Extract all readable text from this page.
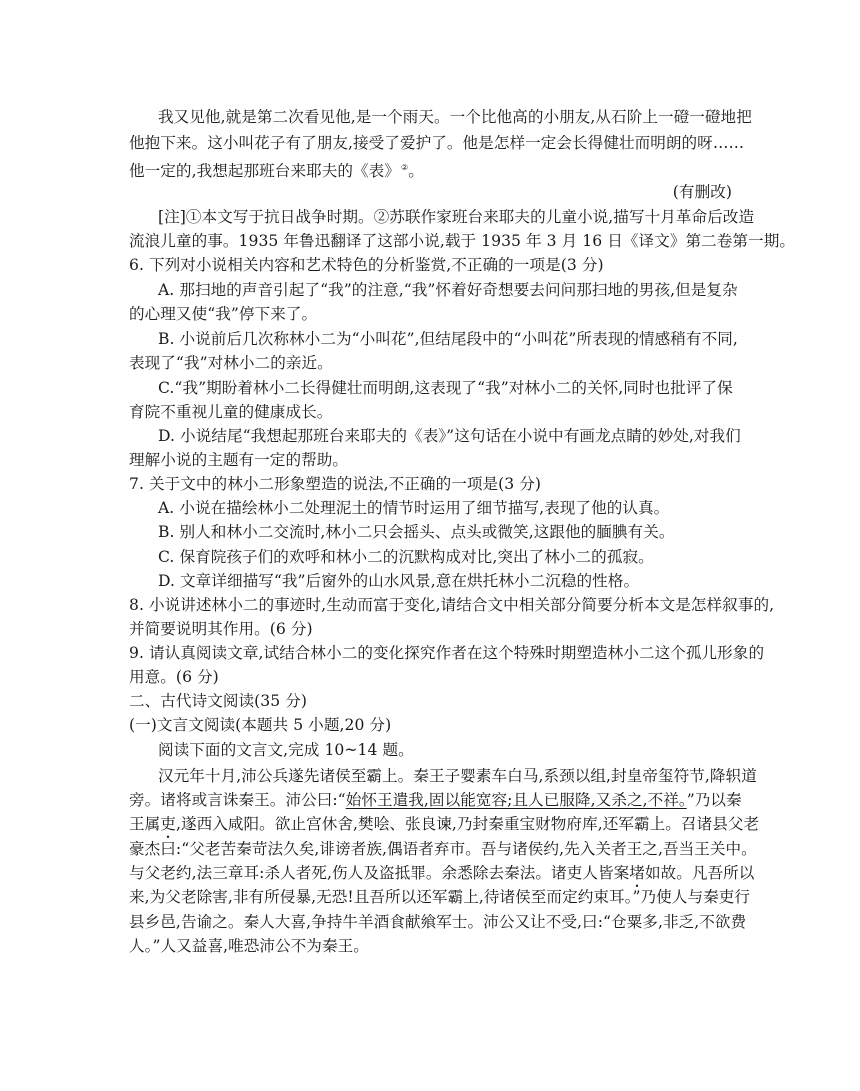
我又见他,就是第二次看见他,是一个雨天。一个比他高的小朋友,从石阶上一磴一磴地把
他抱下来。这小叫花子有了朋友,接受了爱护了。他是怎样一定会长得健壮而明朗的呀……
他一定的,我想起那班台来耶夫的《表》②。
(有删改)
[注]①本文写于抗日战争时期。②苏联作家班台来耶夫的儿童小说,描写十月革命后改造
流浪儿童的事。1935 年鲁迅翻译了这部小说,载于 1935 年 3 月 16 日《译文》第二卷第一期。
6. 下列对小说相关内容和艺术特色的分析鉴赏,不正确的一项是(3 分)
A. 那扫地的声音引起了“我”的注意,“我”怀着好奇想要去问问那扫地的男孩,但是复杂
的心理又使“我”停下来了。
B. 小说前后几次称林小二为“小叫花”,但结尾段中的“小叫花”所表现的情感稍有不同,
表现了“我”对林小二的亲近。
C.“我”期盼着林小二长得健壮而明朗,这表现了“我”对林小二的关怀,同时也批评了保
育院不重视儿童的健康成长。
D. 小说结尾“我想起那班台来耶夫的《表》”这句话在小说中有画龙点睛的妙处,对我们
理解小说的主题有一定的帮助。
7. 关于文中的林小二形象塑造的说法,不正确的一项是(3 分)
A. 小说在描绘林小二处理泥土的情节时运用了细节描写,表现了他的认真。
B. 别人和林小二交流时,林小二只会摇头、点头或微笑,这跟他的腼腆有关。
C. 保育院孩子们的欢呼和林小二的沉默构成对比,突出了林小二的孤寂。
D. 文章详细描写“我”后窗外的山水风景,意在烘托林小二沉稳的性格。
8. 小说讲述林小二的事迹时,生动而富于变化,请结合文中相关部分简要分析本文是怎样叙事的,
并简要说明其作用。(6 分)
9. 请认真阅读文章,试结合林小二的变化探究作者在这个特殊时期塑造林小二这个孤儿形象的
用意。(6 分)
二、古代诗文阅读(35 分)
(一)文言文阅读(本题共 5 小题,20 分)
阅读下面的文言文,完成 10~14 题。
汉元年十月,沛公兵遂先诸侯至霸上。秦王子婴素车白马,系颈以组,封皇帝玺符节,降轵道
旁。诸将或言诛秦王。沛公曰:“始怀王遣我,固以能宽容;且人已服降,又杀之,不祥。”乃以秦
王属吏,遂西入咸阳。欲止宫休舍,樊哙、张良谏,乃封秦重宝财物府库,还军霸上。召诸县父老
豪杰曰:“父老苦秦苛法久矣,诽谤者族,偶语者弃市。吾与诸侯约,先入关者王之,吾当王关中。
与父老约,法三章耳:杀人者死,伤人及盗抵罪。余悉除去秦法。诸吏人皆案堵如故。凡吾所以
来,为父老除害,非有所侵暴,无恐!且吾所以还军霸上,待诸侯至而定约束耳。”乃使人与秦吏行
县乡邑,告谕之。秦人大喜,争持牛羊酒食献飨军士。沛公又让不受,曰:“仓粟多,非乏,不欲费
人。”人又益喜,唯恐沛公不为秦王。
